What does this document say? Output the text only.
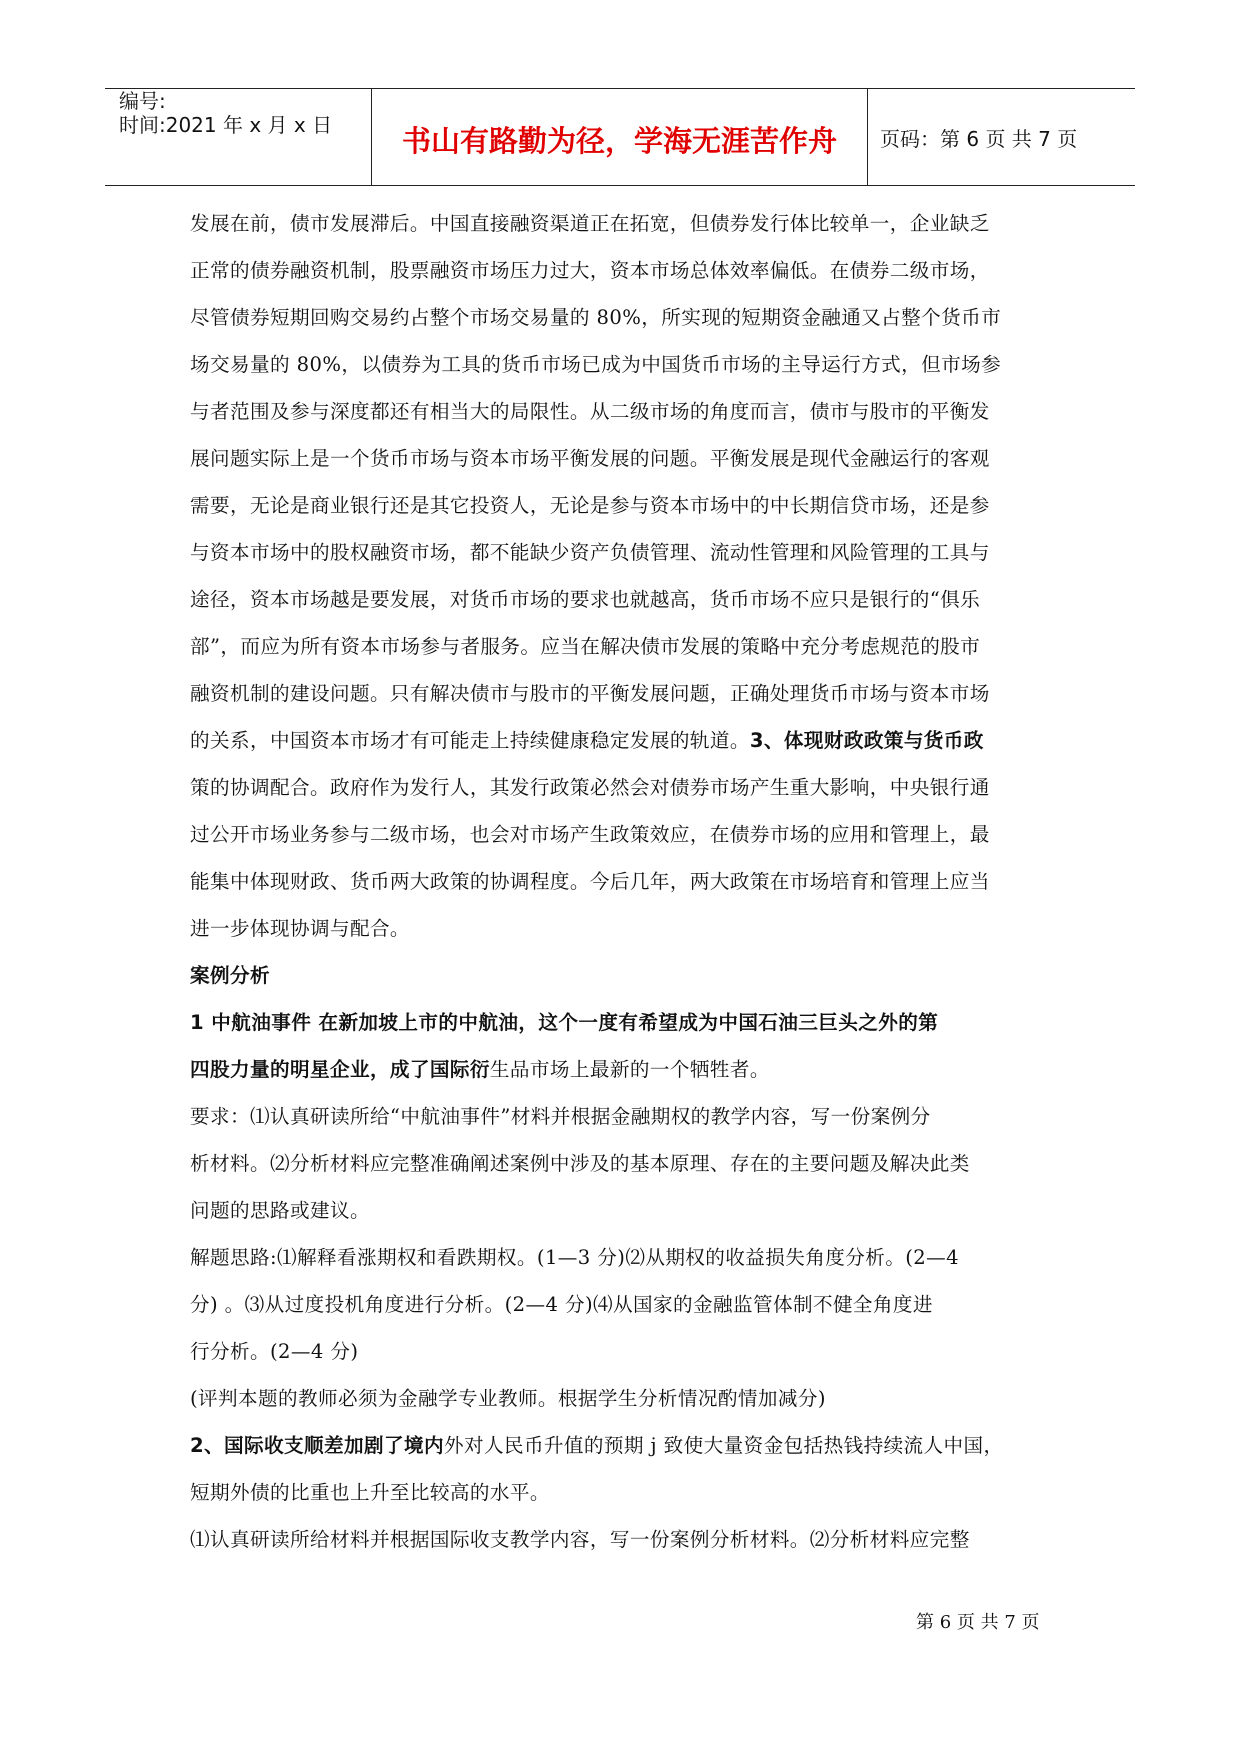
编号:
时间:2021 年 x 月 x 日	书山有路勤为径，学海无涯苦作舟	页码：第 6 页 共 7 页
发展在前，债市发展滞后。中国直接融资渠道正在拓宽，但债券发行体比较单一，企业缺乏
正常的债券融资机制，股票融资市场压力过大，资本市场总体效率偏低。在债券二级市场，
尽管债券短期回购交易约占整个市场交易量的 80%，所实现的短期资金融通又占整个货币市
场交易量的 80%，以债券为工具的货币市场已成为中国货币市场的主导运行方式，但市场参
与者范围及参与深度都还有相当大的局限性。从二级市场的角度而言，债市与股市的平衡发
展问题实际上是一个货币市场与资本市场平衡发展的问题。平衡发展是现代金融运行的客观
需要，无论是商业银行还是其它投资人，无论是参与资本市场中的中长期信贷市场，还是参
与资本市场中的股权融资市场，都不能缺少资产负债管理、流动性管理和风险管理的工具与
途径，资本市场越是要发展，对货币市场的要求也就越高，货币市场不应只是银行的“俱乐
部”，而应为所有资本市场参与者服务。应当在解决债市发展的策略中充分考虑规范的股市
融资机制的建设问题。只有解决债市与股市的平衡发展问题，正确处理货币市场与资本市场
的关系，中国资本市场才有可能走上持续健康稳定发展的轨道。3、体现财政政策与货币政
策的协调配合。政府作为发行人，其发行政策必然会对债券市场产生重大影响，中央银行通
过公开市场业务参与二级市场，也会对市场产生政策效应，在债券市场的应用和管理上，最
能集中体现财政、货币两大政策的协调程度。今后几年，两大政策在市场培育和管理上应当
进一步体现协调与配合。
案例分析
1 中航油事件 在新加坡上市的中航油，这个一度有希望成为中国石油三巨头之外的第
四股力量的明星企业，成了国际衍生品市场上最新的一个牺牲者。
要求：⑴认真研读所给“中航油事件”材料并根据金融期权的教学内容，写一份案例分
析材料。⑵分析材料应完整准确阐述案例中涉及的基本原理、存在的主要问题及解决此类
问题的思路或建议。
解题思路:⑴解释看涨期权和看跌期权。(1—3 分)⑵从期权的收益损失角度分析。(2—4
分) 。⑶从过度投机角度进行分析。(2—4 分)⑷从国家的金融监管体制不健全角度进
行分析。(2—4 分)
(评判本题的教师必须为金融学专业教师。根据学生分析情况酌情加减分)
2、国际收支顺差加剧了境内外对人民币升值的预期 j 致使大量资金包括热钱持续流人中国，
短期外债的比重也上升至比较高的水平。
⑴认真研读所给材料并根据国际收支教学内容，写一份案例分析材料。⑵分析材料应完整
第 6 页 共 7 页
